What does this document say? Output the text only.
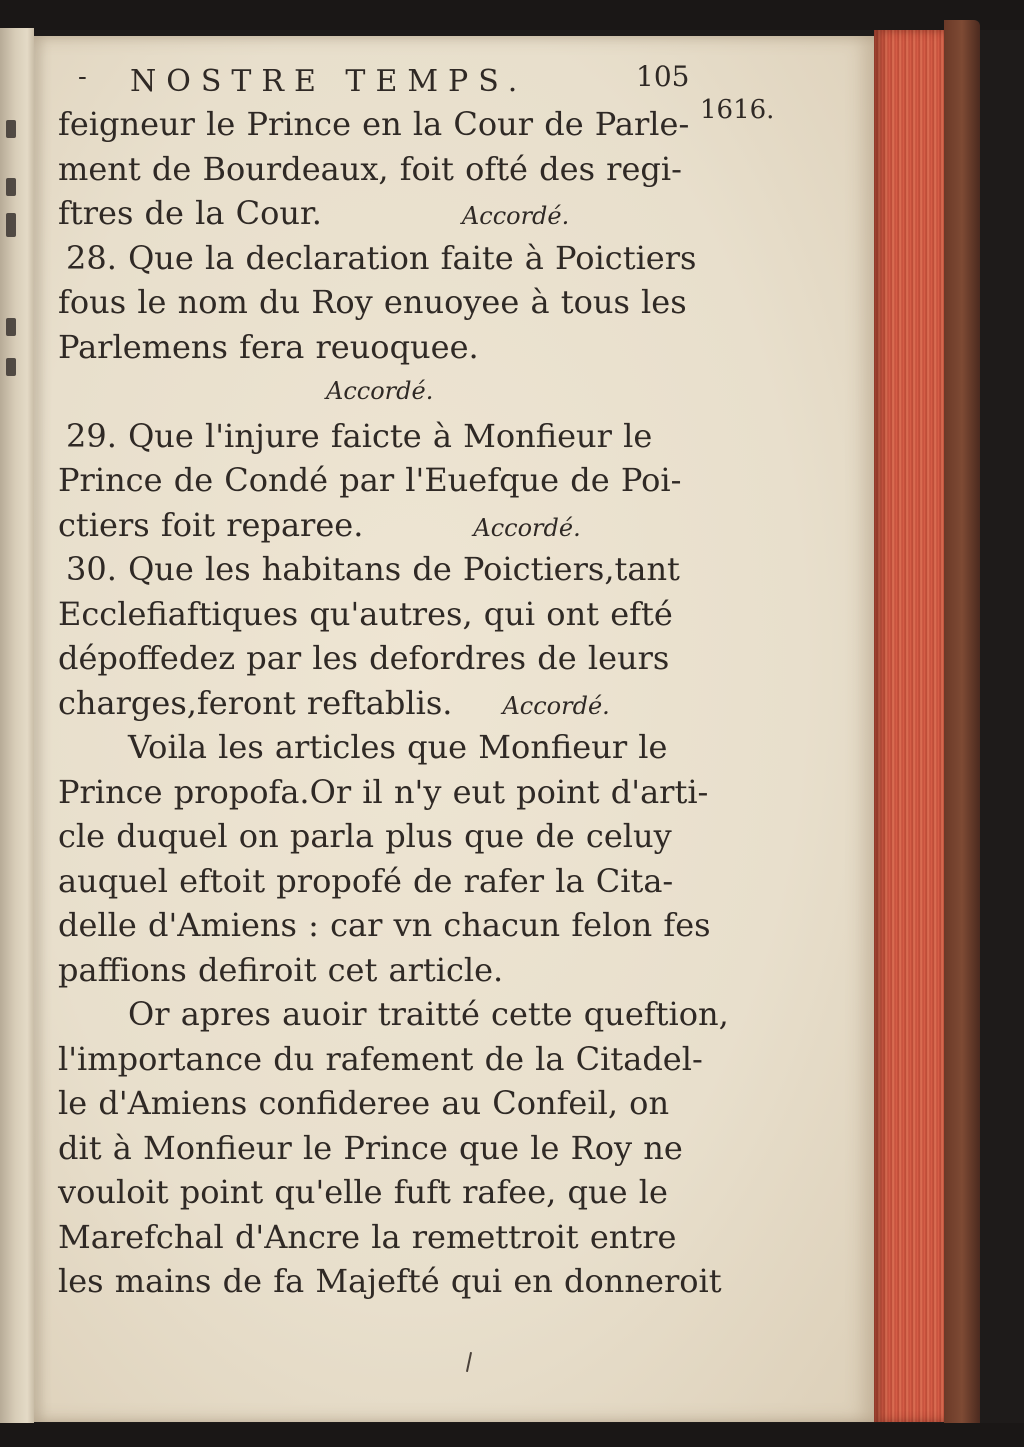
1616.
- NOSTRE TEMPS.	105
feigneur le Prince en la Cour de Parle-
ment de Bourdeaux, foit ofté des regi-
ftres de la Cour.	Accordé.
28. Que la declaration faite à Poictiers
fous le nom du Roy enuoyee à tous les
Parlemens fera reuoquee.
Accordé.
29. Que l'injure faicte à Monfieur le
Prince de Condé par l'Euefque de Poi-
ctiers foit reparee.	Accordé.
30. Que les habitans de Poictiers,tant
Ecclefiaftiques qu'autres, qui ont efté
dépoffedez par les defordres de leurs
charges,feront reftablis. Accordé.
Voila les articles que Monfieur le
Prince propofa.Or il n'y eut point d'arti-
cle duquel on parla plus que de celuy
auquel eftoit propofé de rafer la Cita-
delle d'Amiens : car vn chacun felon fes
paffions defiroit cet article.
Or apres auoir traitté cette queftion,
l'importance du rafement de la Citadel-
le d'Amiens confideree au Confeil, on
dit à Monfieur le Prince que le Roy ne
vouloit point qu'elle fuft rafee, que le
Marefchal d'Ancre la remettroit entre
les mains de fa Majefté qui en donneroit
